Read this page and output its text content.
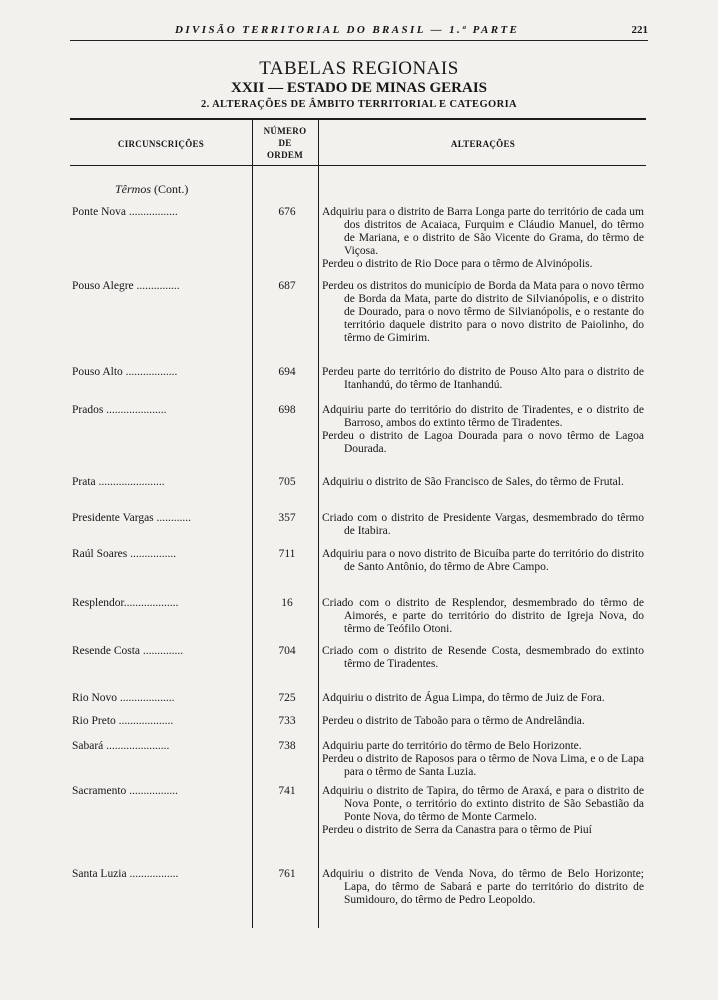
DIVISÃO TERRITORIAL DO BRASIL — 1.ª PARTE	221
TABELAS REGIONAIS
XXII — ESTADO DE MINAS GERAIS
2. ALTERAÇÕES DE ÂMBITO TERRITORIAL E CATEGORIA
CIRCUNSCRIÇÕES
NÚMERO
DE
ORDEM
ALTERAÇÕES
Têrmos (Cont.)
Ponte Nova .................	676	Adquiriu para o distrito de Barra Longa parte do território de cada um dos distritos de Acaiaca, Furquim e Cláudio Manuel, do têrmo de Mariana, e o distrito de São Vicente do Grama, do têrmo de Viçosa.

Perdeu o distrito de Rio Doce para o têrmo de Alvinópolis.

Pouso Alegre ...............	687	Perdeu os distritos do município de Borda da Mata para o novo têrmo de Borda da Mata, parte do distrito de Silvianópolis, e o distrito de Dourado, para o novo têrmo de Silvianópolis, e o restante do território daquele distrito para o novo distrito de Paiolinho, do têrmo de Gimirim.

Pouso Alto ..................	694	Perdeu parte do território do distrito de Pouso Alto para o distrito de Itanhandú, do têrmo de Itanhandú.

Prados .....................	698	Adquiriu parte do território do distrito de Tiradentes, e o distrito de Barroso, ambos do extinto têrmo de Tiradentes.

Perdeu o distrito de Lagoa Dourada para o novo têrmo de Lagoa Dourada.

Prata .......................	705	Adquiriu o distrito de São Francisco de Sales, do têrmo de Frutal.

Presidente Vargas ............	357	Criado com o distrito de Presidente Vargas, desmembrado do têrmo de Itabira.

Raúl Soares ................	711	Adquiriu para o novo distrito de Bicuíba parte do território do distrito de Santo Antônio, do têrmo de Abre Campo.

Resplendor...................	16	Criado com o distrito de Resplendor, desmembrado do têrmo de Aimorés, e parte do território do distrito de Igreja Nova, do têrmo de Teófilo Otoni.

Resende Costa ..............	704	Criado com o distrito de Resende Costa, desmembrado do extinto têrmo de Tiradentes.

Rio Novo ...................	725	Adquiriu o distrito de Água Limpa, do têrmo de Juiz de Fora.

Rio Preto ...................	733	Perdeu o distrito de Taboão para o têrmo de Andrelândia.

Sabará ......................	738	Adquiriu parte do território do têrmo de Belo Horizonte.

Perdeu o distrito de Raposos para o têrmo de Nova Lima, e o de Lapa para o têrmo de Santa Luzia.

Sacramento .................	741	Adquiriu o distrito de Tapira, do têrmo de Araxá, e para o distrito de Nova Ponte, o território do extinto distrito de São Sebastião da Ponte Nova, do têrmo de Monte Carmelo.

Perdeu o distrito de Serra da Canastra para o têrmo de Piuí

Santa Luzia .................	761	Adquiriu o distrito de Venda Nova, do têrmo de Belo Horizonte; Lapa, do têrmo de Sabará e parte do território do distrito de Sumidouro, do têrmo de Pedro Leopoldo.
